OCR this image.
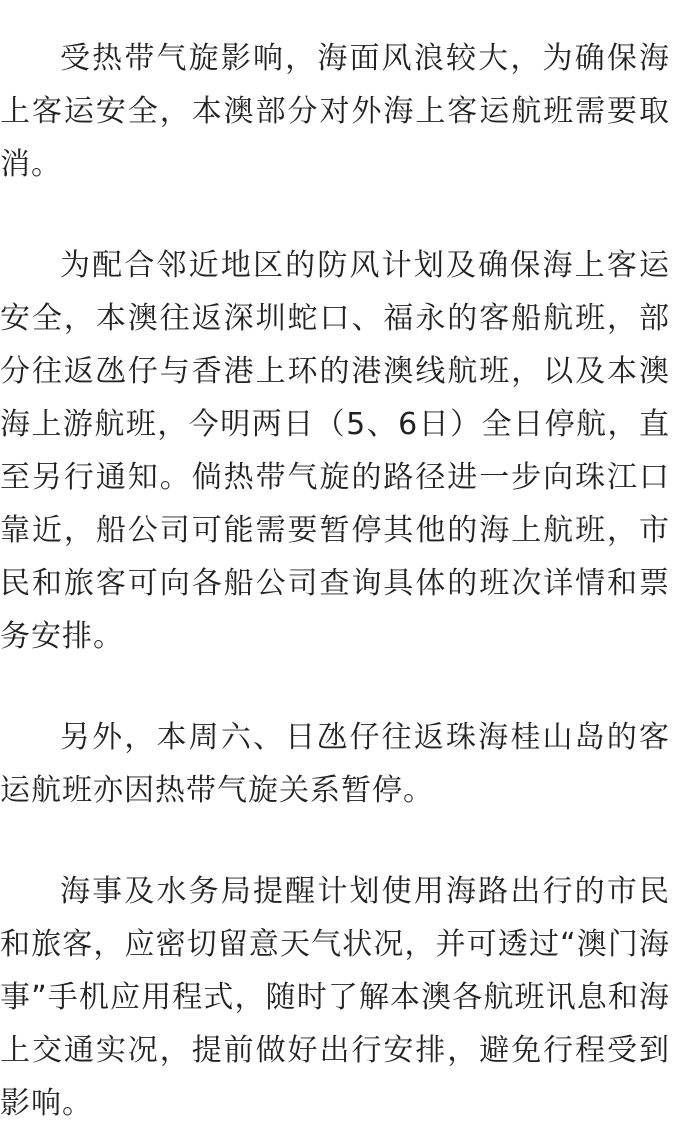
受热带气旋影响，海面风浪较大，为确保海上客运安全，本澳部分对外海上客运航班需要取消。

为配合邻近地区的防风计划及确保海上客运安全，本澳往返深圳蛇口、福永的客船航班，部分往返氹仔与香港上环的港澳线航班，以及本澳海上游航班，今明两日（5、6日）全日停航，直至另行通知。倘热带气旋的路径进一步向珠江口靠近，船公司可能需要暂停其他的海上航班，市民和旅客可向各船公司查询具体的班次详情和票务安排。

另外，本周六、日氹仔往返珠海桂山岛的客运航班亦因热带气旋关系暂停。

海事及水务局提醒计划使用海路出行的市民和旅客，应密切留意天气状况，并可透过“澳门海事”手机应用程式，随时了解本澳各航班讯息和海上交通实况，提前做好出行安排，避免行程受到影响。
